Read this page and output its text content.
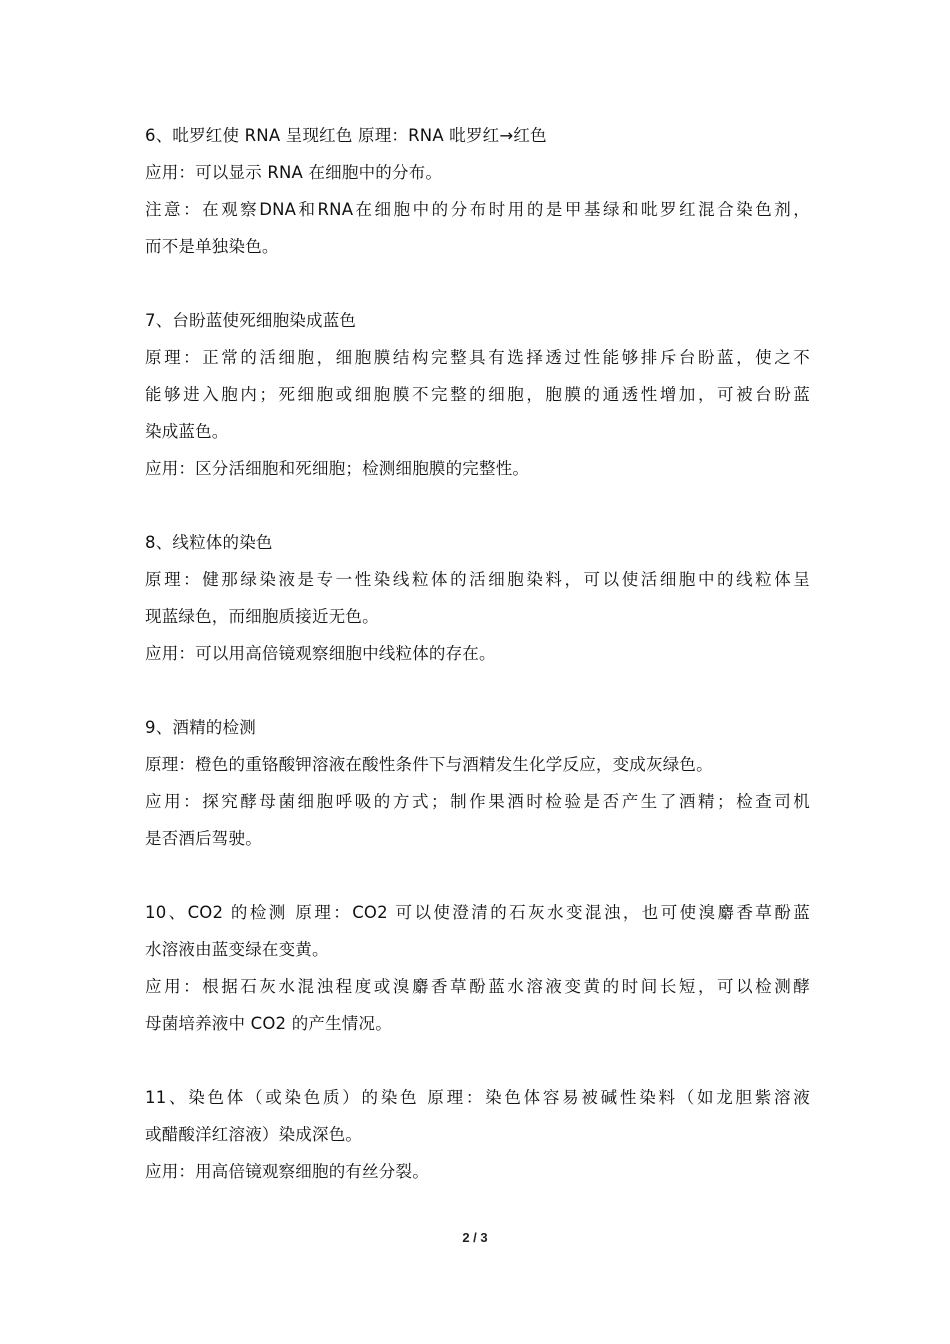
6、吡罗红使 RNA 呈现红色 原理：RNA 吡罗红→红色
应用：可以显示 RNA 在细胞中的分布。
注意：在观察DNA和RNA在细胞中的分布时用的是甲基绿和吡罗红混合染色剂，
而不是单独染色。
7、台盼蓝使死细胞染成蓝色
原理：正常的活细胞，细胞膜结构完整具有选择透过性能够排斥台盼蓝，使之不
能够进入胞内；死细胞或细胞膜不完整的细胞，胞膜的通透性增加，可被台盼蓝
染成蓝色。
应用：区分活细胞和死细胞；检测细胞膜的完整性。
8、线粒体的染色
原理：健那绿染液是专一性染线粒体的活细胞染料，可以使活细胞中的线粒体呈
现蓝绿色，而细胞质接近无色。
应用：可以用高倍镜观察细胞中线粒体的存在。
9、酒精的检测
原理：橙色的重铬酸钾溶液在酸性条件下与酒精发生化学反应，变成灰绿色。
应用：探究酵母菌细胞呼吸的方式；制作果酒时检验是否产生了酒精；检查司机
是否酒后驾驶。
10、CO2 的检测 原理：CO2 可以使澄清的石灰水变混浊，也可使溴麝香草酚蓝
水溶液由蓝变绿在变黄。
应用：根据石灰水混浊程度或溴麝香草酚蓝水溶液变黄的时间长短，可以检测酵
母菌培养液中 CO2 的产生情况。
11、染色体（或染色质）的染色 原理：染色体容易被碱性染料（如龙胆紫溶液
或醋酸洋红溶液）染成深色。
应用：用高倍镜观察细胞的有丝分裂。
2 / 3
